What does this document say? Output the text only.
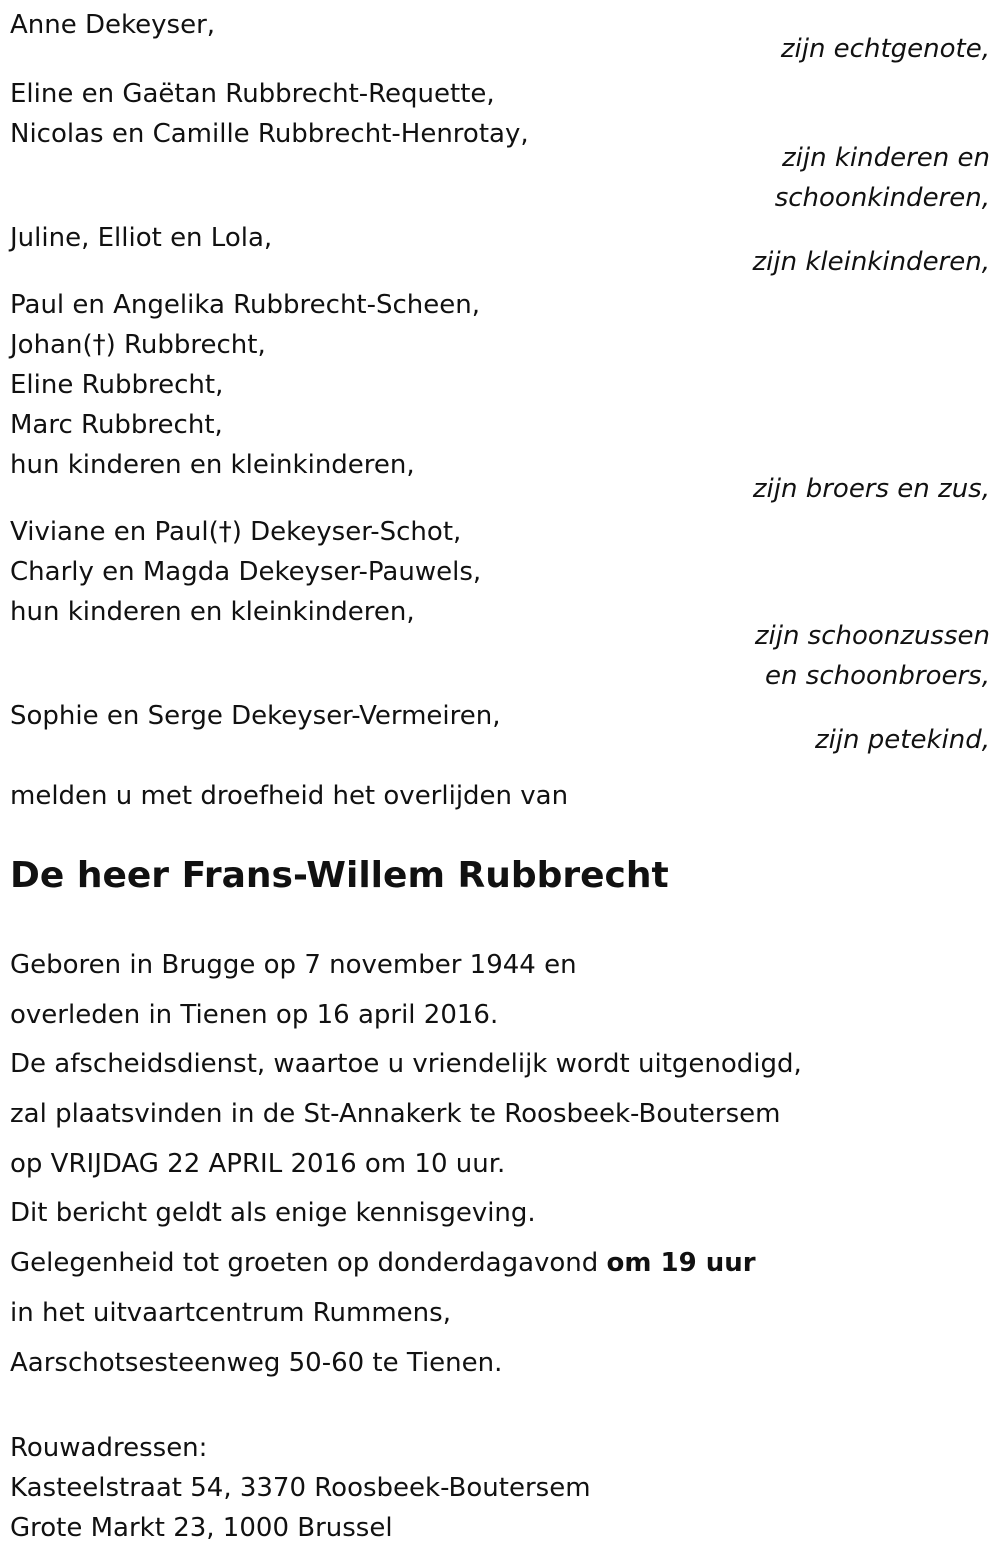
Anne Dekeyser,
zijn echtgenote,
Eline en Gaëtan Rubbrecht-Requette,
Nicolas en Camille Rubbrecht-Henrotay,
zijn kinderen en
schoonkinderen,
Juline, Elliot en Lola,
zijn kleinkinderen,
Paul en Angelika Rubbrecht-Scheen,
Johan(†) Rubbrecht,
Eline Rubbrecht,
Marc Rubbrecht,
hun kinderen en kleinkinderen,
zijn broers en zus,
Viviane en Paul(†) Dekeyser-Schot,
Charly en Magda Dekeyser-Pauwels,
hun kinderen en kleinkinderen,
zijn schoonzussen
en schoonbroers,
Sophie en Serge Dekeyser-Vermeiren,
zijn petekind,
melden u met droefheid het overlijden van
De heer Frans-Willem Rubbrecht
Geboren in Brugge op 7 november 1944 en
overleden in Tienen op 16 april 2016.
De afscheidsdienst, waartoe u vriendelijk wordt uitgenodigd,
zal plaatsvinden in de St-Annakerk te Roosbeek-Boutersem
op VRIJDAG 22 APRIL 2016 om 10 uur.
Dit bericht geldt als enige kennisgeving.
Gelegenheid tot groeten op donderdagavond om 19 uur
in het uitvaartcentrum Rummens,
Aarschotsesteenweg 50-60 te Tienen.
Rouwadressen:
Kasteelstraat 54, 3370 Roosbeek-Boutersem
Grote Markt 23, 1000 Brussel
